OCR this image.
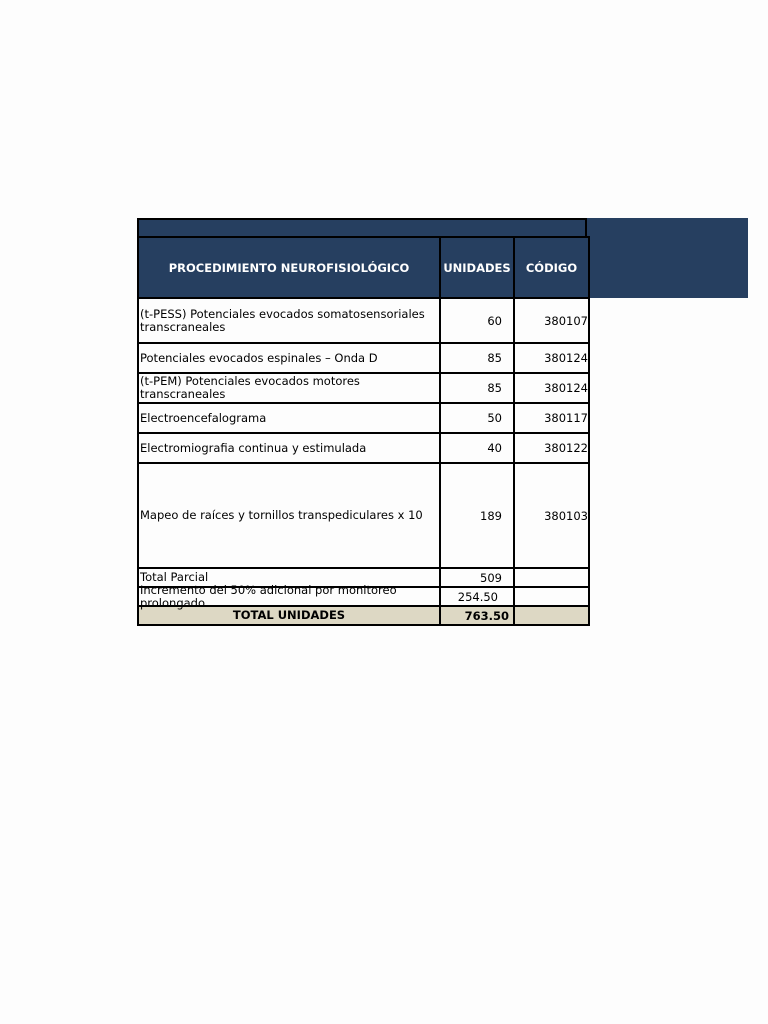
PROCEDIMIENTO NEUROFISIOLÓGICO	UNIDADES	CÓDIGO
(t-PESS) Potenciales evocados somatosensoriales transcraneales	60	380107
Potenciales evocados espinales – Onda D	85	380124
(t-PEM) Potenciales evocados motores transcraneales	85	380124
Electroencefalograma	50	380117
Electromiografia continua y estimulada	40	380122
Mapeo de raíces y tornillos transpediculares x 10	189	380103
Total Parcial	509	

Incremento del 50% adicional por monitoreo prolongado	254.50	
TOTAL UNIDADES	763.50	
